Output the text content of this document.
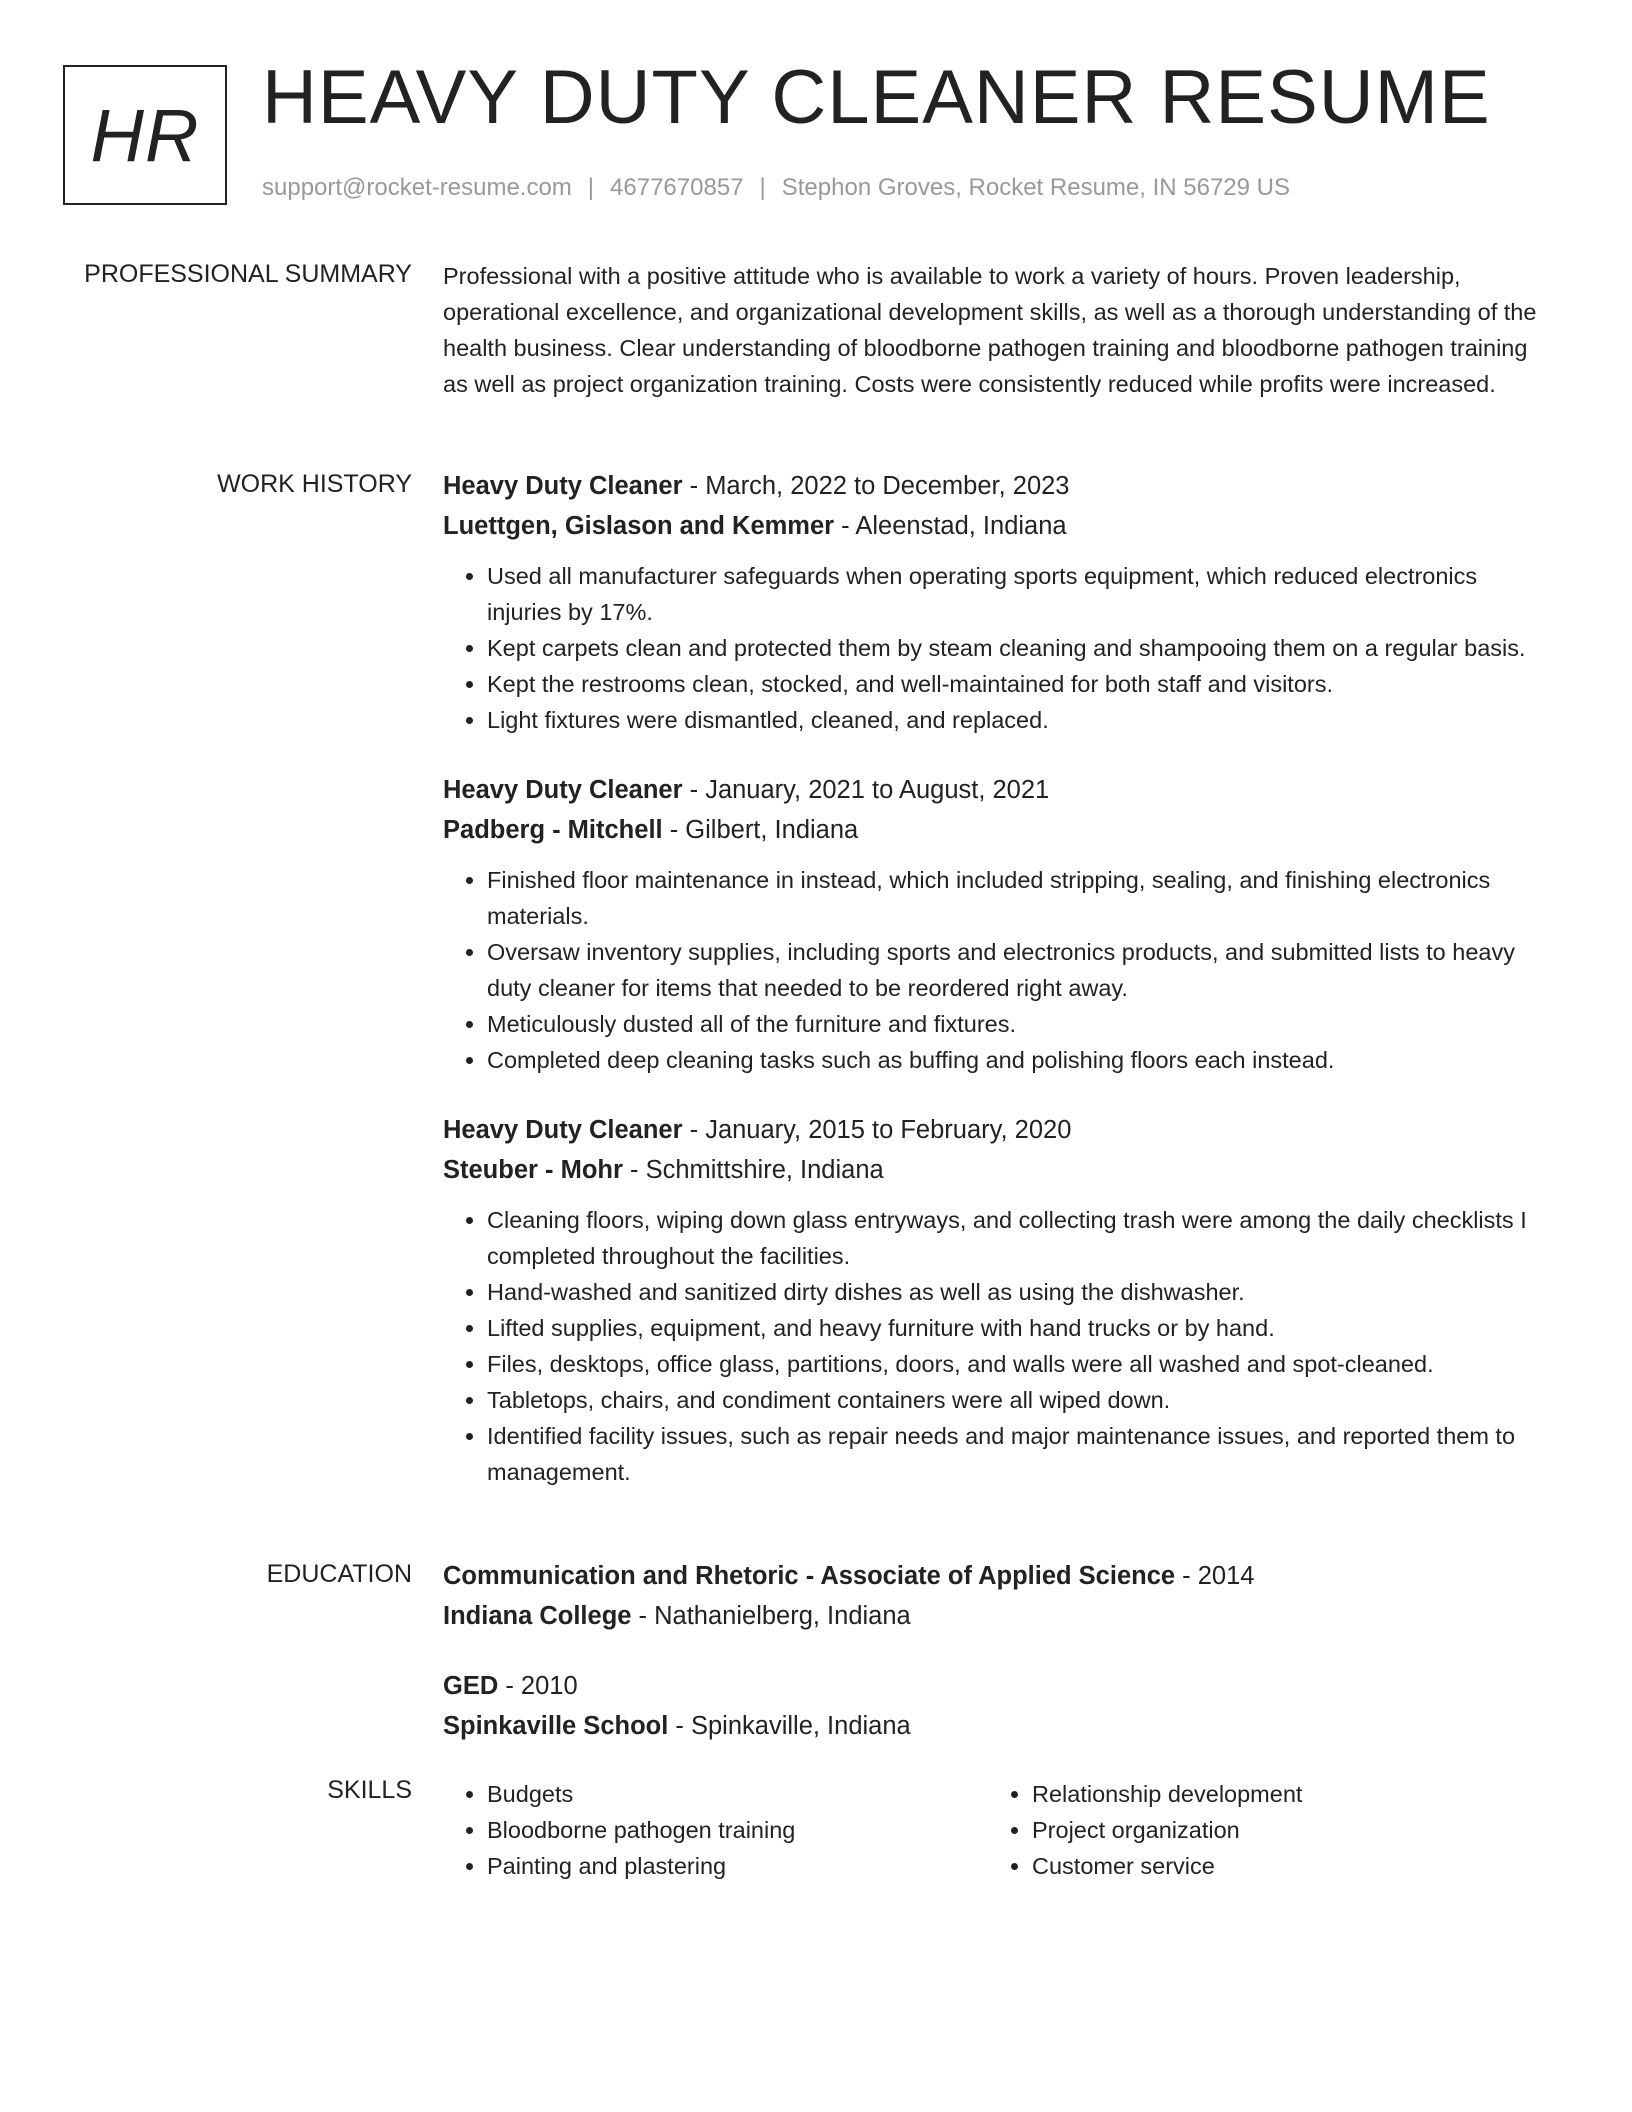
HR HEAVY DUTY CLEANER RESUME
support@rocket-resume.com | 4677670857 | Stephon Groves, Rocket Resume, IN 56729 US
PROFESSIONAL SUMMARY Professional with a positive attitude who is available to work a variety of hours. Proven leadership, operational excellence, and organizational development skills, as well as a thorough understanding of the health business. Clear understanding of bloodborne pathogen training and bloodborne pathogen training as well as project organization training. Costs were consistently reduced while profits were increased.

WORK HISTORY Heavy Duty Cleaner - March, 2022 to December, 2023
Luettgen, Gislason and Kemmer - Aleenstad, Indiana
• Used all manufacturer safeguards when operating sports equipment, which reduced electronics injuries by 17%.
• Kept carpets clean and protected them by steam cleaning and shampooing them on a regular basis.
• Kept the restrooms clean, stocked, and well-maintained for both staff and visitors.
• Light fixtures were dismantled, cleaned, and replaced.
Heavy Duty Cleaner - January, 2021 to August, 2021
Padberg - Mitchell - Gilbert, Indiana
• Finished floor maintenance in instead, which included stripping, sealing, and finishing electronics materials.
• Oversaw inventory supplies, including sports and electronics products, and submitted lists to heavy duty cleaner for items that needed to be reordered right away.
• Meticulously dusted all of the furniture and fixtures.
• Completed deep cleaning tasks such as buffing and polishing floors each instead.
Heavy Duty Cleaner - January, 2015 to February, 2020
Steuber - Mohr - Schmittshire, Indiana
• Cleaning floors, wiping down glass entryways, and collecting trash were among the daily checklists I completed throughout the facilities.
• Hand-washed and sanitized dirty dishes as well as using the dishwasher.
• Lifted supplies, equipment, and heavy furniture with hand trucks or by hand.
• Files, desktops, office glass, partitions, doors, and walls were all washed and spot-cleaned.
• Tabletops, chairs, and condiment containers were all wiped down.
• Identified facility issues, such as repair needs and major maintenance issues, and reported them to management.
EDUCATION Communication and Rhetoric - Associate of Applied Science - 2014
Indiana College - Nathanielberg, Indiana
GED - 2010
Spinkaville School - Spinkaville, Indiana
SKILLS
•	Budgets
• Bloodborne pathogen training
• Painting and plastering
• Relationship development
• Project organization
• Customer service
